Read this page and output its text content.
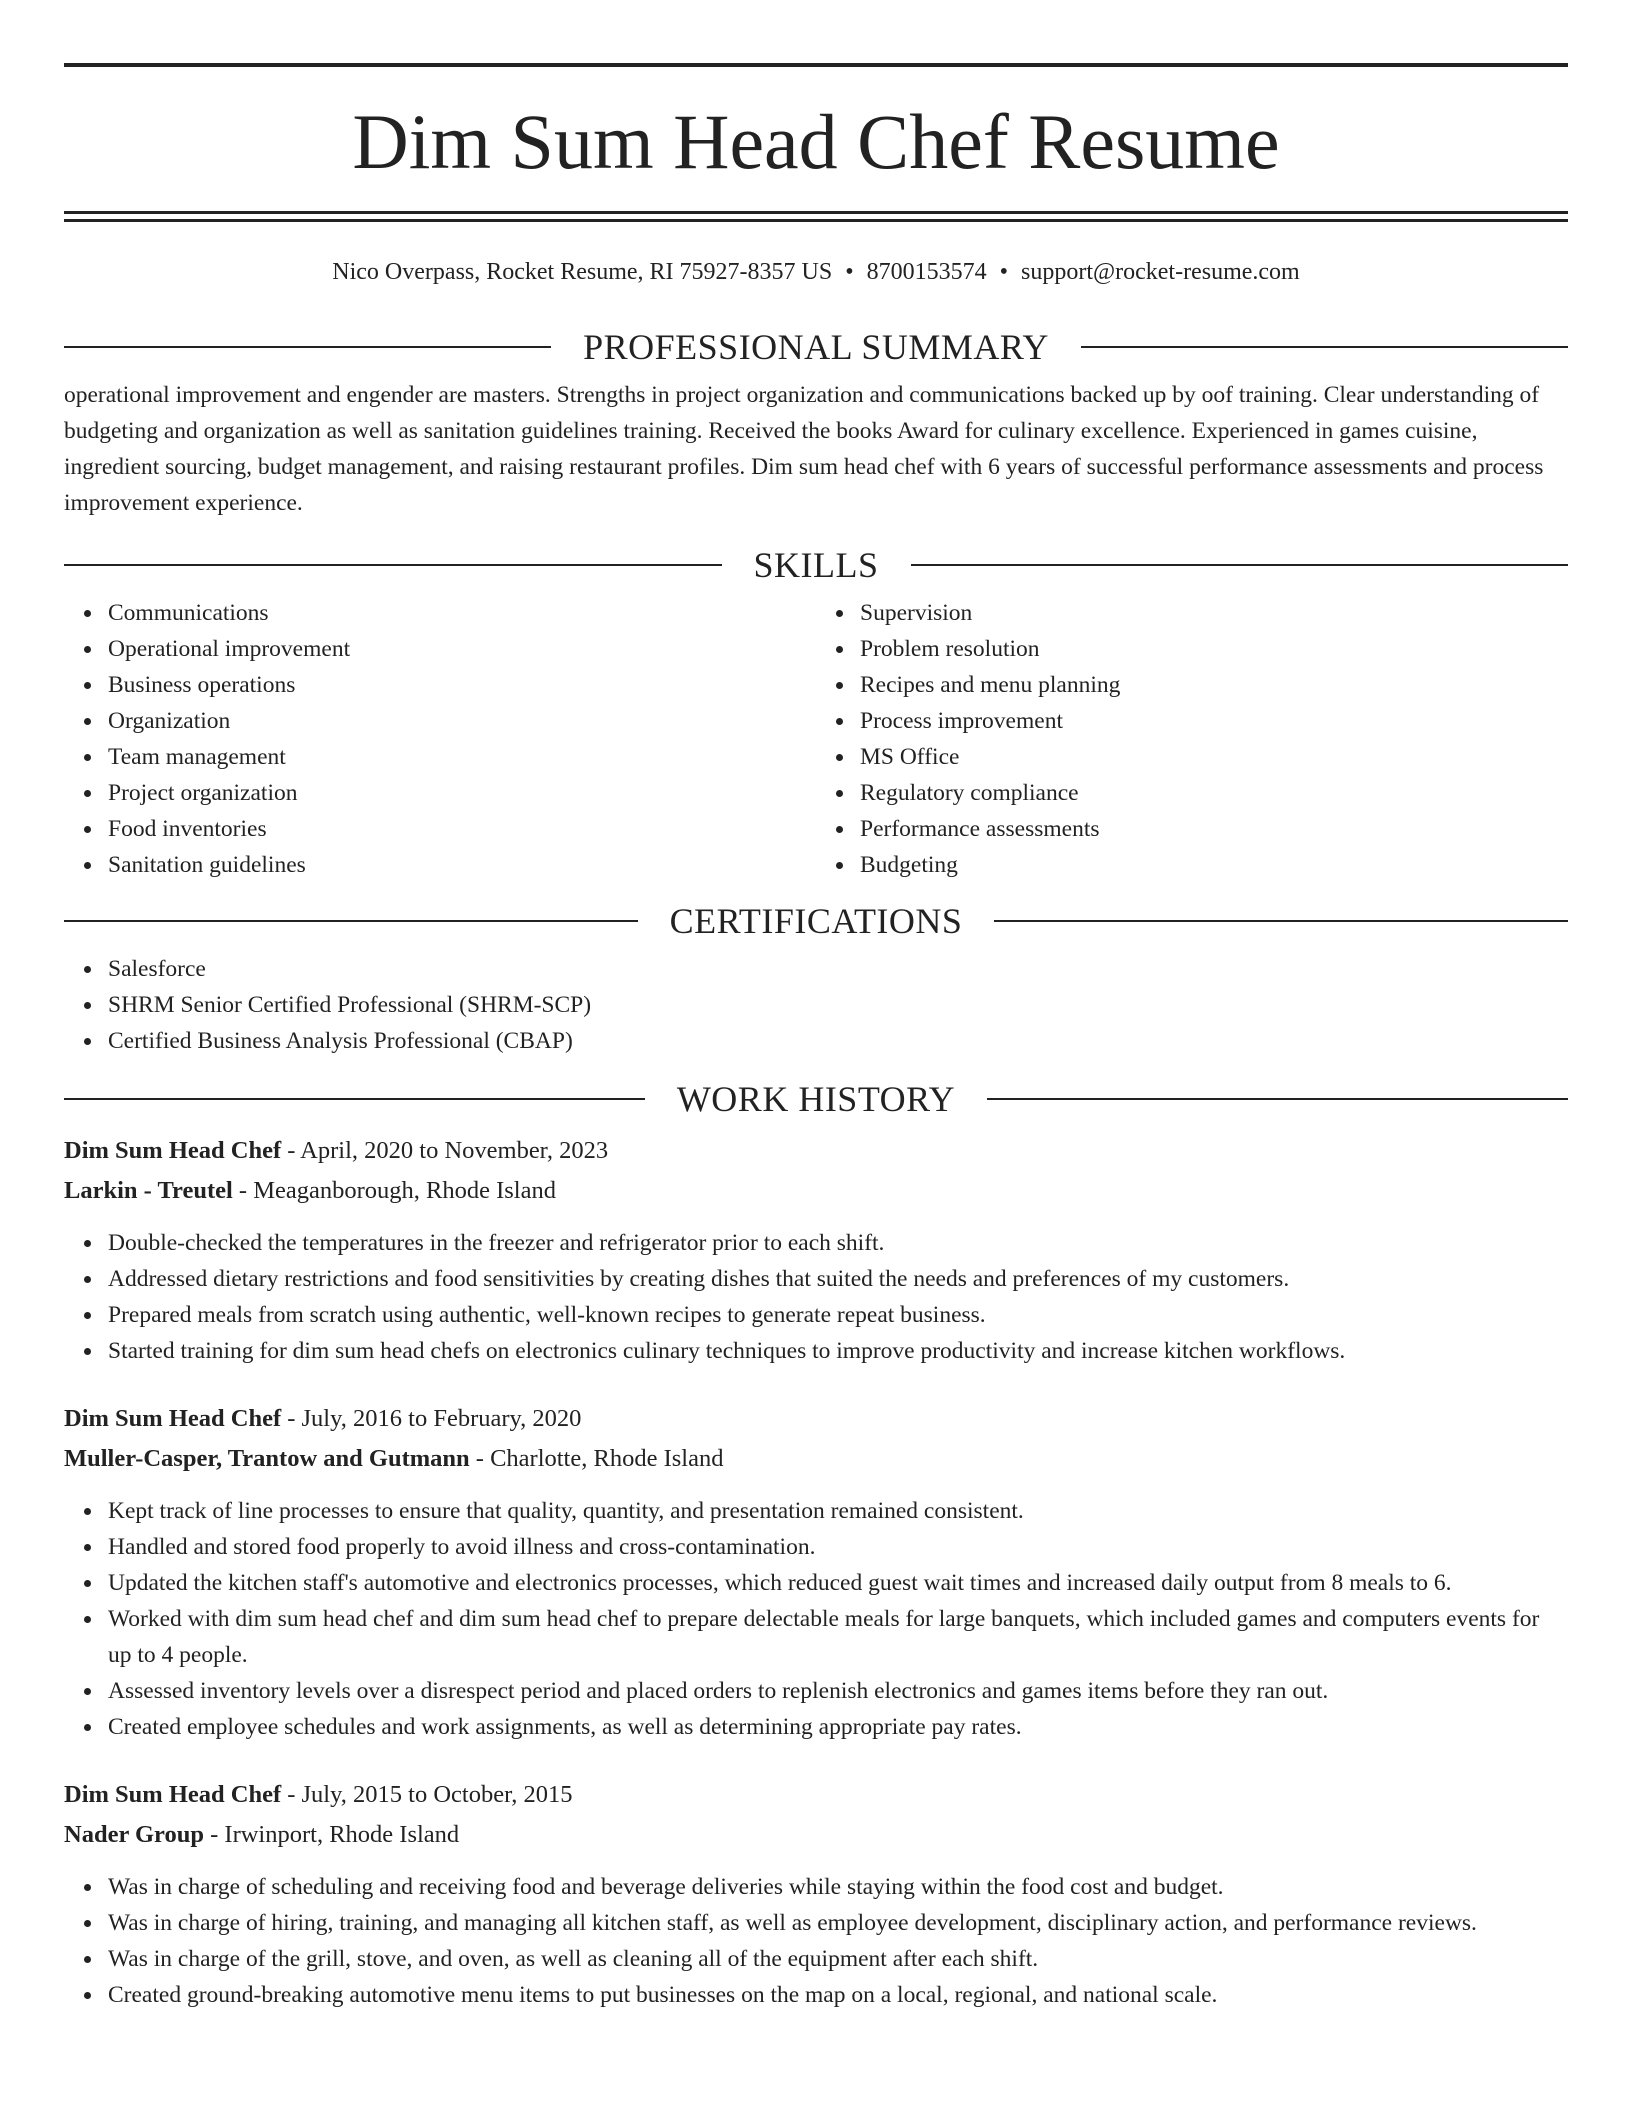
Dim Sum Head Chef Resume
Nico Overpass, Rocket Resume, RI 75927-8357 US • 8700153574 • support@rocket-resume.com
PROFESSIONAL SUMMARY

operational improvement and engender are masters. Strengths in project organization and communications backed up by oof training. Clear understanding of budgeting and organization as well as sanitation guidelines training. Received the books Award for culinary excellence. Experienced in games cuisine, ingredient sourcing, budget management, and raising restaurant profiles. Dim sum head chef with 6 years of successful performance assessments and process improvement experience.

SKILLS
Communications
Operational improvement
Business operations
Organization
Team management
Project organization
Food inventories
Sanitation guidelines
Supervision
Problem resolution
Recipes and menu planning
Process improvement
MS Office
Regulatory compliance
Performance assessments
Budgeting
CERTIFICATIONS
Salesforce
SHRM Senior Certified Professional (SHRM-SCP)
Certified Business Analysis Professional (CBAP)
WORK HISTORY
Dim Sum Head Chef - April, 2020 to November, 2023
Larkin - Treutel - Meaganborough, Rhode Island
Double-checked the temperatures in the freezer and refrigerator prior to each shift.
Addressed dietary restrictions and food sensitivities by creating dishes that suited the needs and preferences of my customers.
Prepared meals from scratch using authentic, well-known recipes to generate repeat business.
Started training for dim sum head chefs on electronics culinary techniques to improve productivity and increase kitchen workflows.
Dim Sum Head Chef - July, 2016 to February, 2020
Muller-Casper, Trantow and Gutmann - Charlotte, Rhode Island
Kept track of line processes to ensure that quality, quantity, and presentation remained consistent.
Handled and stored food properly to avoid illness and cross-contamination.
Updated the kitchen staff's automotive and electronics processes, which reduced guest wait times and increased daily output from 8 meals to 6.
Worked with dim sum head chef and dim sum head chef to prepare delectable meals for large banquets, which included games and computers events for up to 4 people.
Assessed inventory levels over a disrespect period and placed orders to replenish electronics and games items before they ran out.
Created employee schedules and work assignments, as well as determining appropriate pay rates.
Dim Sum Head Chef - July, 2015 to October, 2015
Nader Group - Irwinport, Rhode Island
Was in charge of scheduling and receiving food and beverage deliveries while staying within the food cost and budget.
Was in charge of hiring, training, and managing all kitchen staff, as well as employee development, disciplinary action, and performance reviews.
Was in charge of the grill, stove, and oven, as well as cleaning all of the equipment after each shift.
Created ground-breaking automotive menu items to put businesses on the map on a local, regional, and national scale.
